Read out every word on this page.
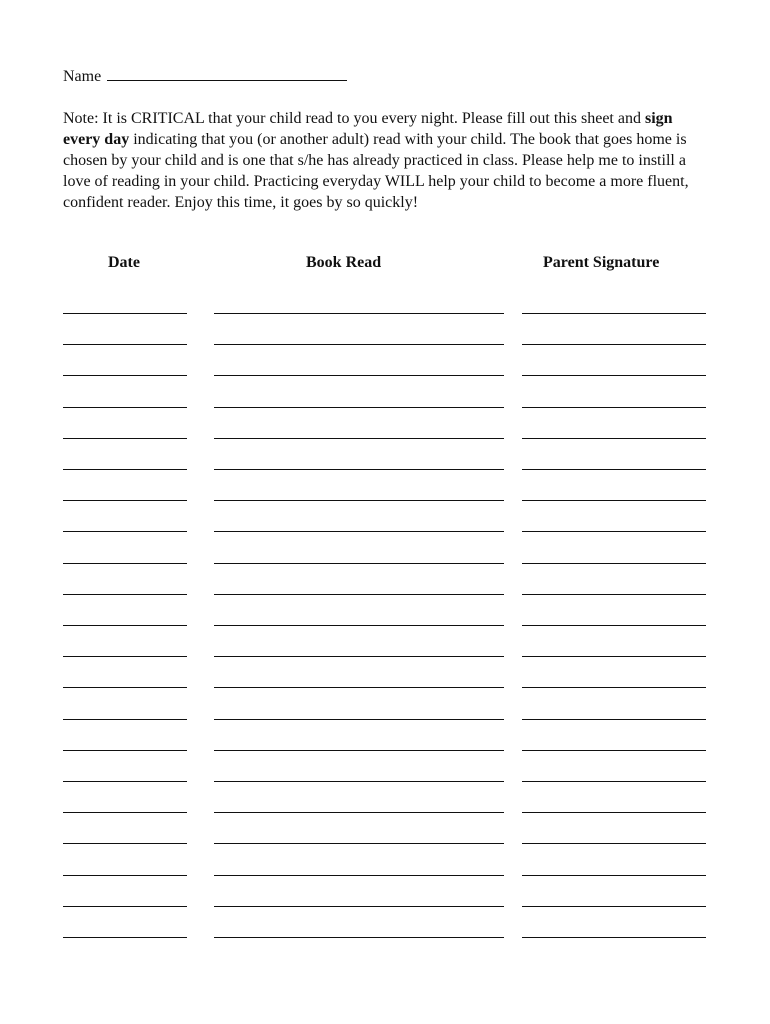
Name
Note: It is CRITICAL that your child read to you every night. Please fill out this sheet and sign every day indicating that you (or another adult) read with your child. The book that goes home is chosen by your child and is one that s/he has already practiced in class. Please help me to instill a love of reading in your child. Practicing everyday WILL help your child to become a more fluent, confident reader. Enjoy this time, it goes by so quickly!
Date	Book Read	Parent Signature
